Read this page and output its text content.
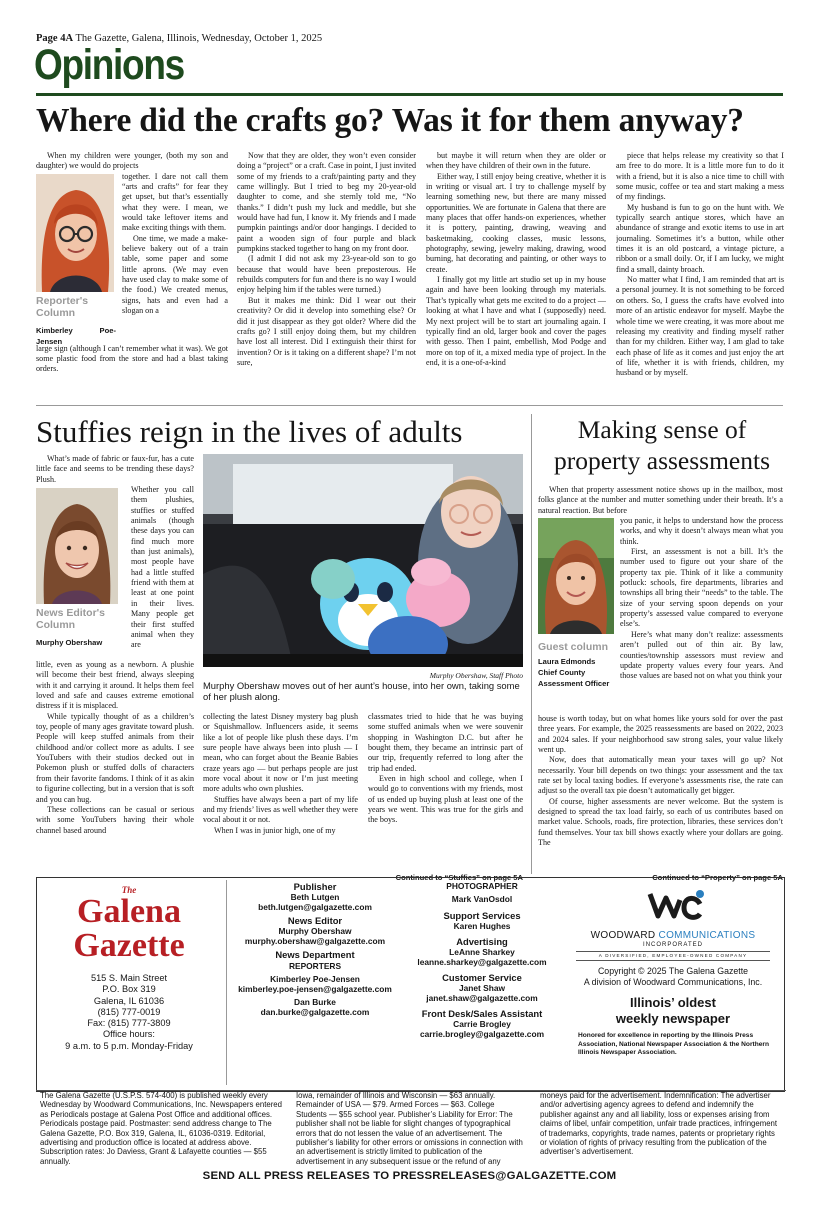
Page 4A The Gazette, Galena, Illinois, Wednesday, October 1, 2025
Opinions
Where did the crafts go? Was it for them anyway?

When my children were younger, (both my son and daughter) we would do projects

Reporter's
Column
Kimberley Poe-Jensen

together. I dare not call them “arts and crafts” for fear they get upset, but that’s essentially what they were. I mean, we would take leftover items and make exciting things with them.

One time, we made a make-believe bakery out of a train table, some paper and some little aprons. (We may even have used clay to make some of the food.) We created menus, signs, hats and even had a slogan on a

large sign (although I can’t remember what it was). We got some plastic food from the store and had a blast taking orders.

Now that they are older, they won’t even consider doing a “project” or a craft. Case in point, I just invited some of my friends to a craft/painting party and they came willingly. But I tried to beg my 20-year-old daughter to come, and she sternly told me, “No thanks.” I didn’t push my luck and meddle, but she would have had fun, I know it. My friends and I made pumpkin paintings and/or door hangings. I decided to paint a wooden sign of four purple and black pumpkins stacked together to hang on my front door.

(I admit I did not ask my 23-year-old son to go because that would have been preposterous. He rebuilds computers for fun and there is no way I would enjoy helping him if the tables were turned.)

But it makes me think: Did I wear out their creativity? Or did it develop into something else? Or did it just disappear as they got older? Where did the crafts go? I still enjoy doing them, but my children have lost all interest. Did I extinguish their thirst for invention? Or is it taking on a different shape? I’m not sure,

but maybe it will return when they are older or when they have children of their own in the future.

Either way, I still enjoy being creative, whether it is in writing or visual art. I try to challenge myself by learning something new, but there are many missed opportunities. We are fortunate in Galena that there are many places that offer hands-on experiences, whether it is pottery, painting, drawing, weaving and basketmaking, cooking classes, music lessons, photography, sewing, jewelry making, drawing, wood burning, hat decorating and painting, or other ways to create.

I finally got my little art studio set up in my house again and have been looking through my materials. That’s typically what gets me excited to do a project — looking at what I have and what I (supposedly) need. My next project will be to start art journaling again. I typically find an old, larger book and cover the pages with gesso. Then I paint, embellish, Mod Podge and more on top of it, a mixed media type of project. In the end, it is a one-of-a-kind

piece that helps release my creativity so that I am free to do more. It is a little more fun to do it with a friend, but it is also a nice time to chill with some music, coffee or tea and start making a mess of my findings.

My husband is fun to go on the hunt with. We typically search antique stores, which have an abundance of strange and exotic items to use in art journaling. Sometimes it’s a button, while other times it is an old postcard, a vintage picture, a ribbon or a small doily. Or, if I am lucky, we might find a small, dainty broach.

No matter what I find, I am reminded that art is a personal journey. It is not something to be forced on others. So, I guess the crafts have evolved into more of an artistic endeavor for myself. Maybe the whole time we were creating, it was more about me releasing my creativity and finding myself rather than for my children. Either way, I am glad to take each phase of life as it comes and just enjoy the art of life, whether it is with friends, children, my husband or by myself.

Stuffies reign in the lives of adults

What’s made of fabric or faux-fur, has a cute little face and seems to be trending these days? Plush.

News Editor's
Column
Murphy Obershaw

Whether you call them plushies, stuffies or stuffed animals (though these days you can find much more than just animals), most people have had a little stuffed friend with them at least at one point in their lives. Many people get their first stuffed animal when they are

little, even as young as a newborn. A plushie will become their best friend, always sleeping with it and carrying it around. It helps them feel loved and safe and causes extreme emotional distress if it is misplaced.

While typically thought of as a children’s toy, people of many ages gravitate toward plush. People will keep stuffed animals from their childhood and/or collect more as adults. I see YouTubers with their studios decked out in Pokemon plush or stuffed dolls of characters from their favorite fandoms. I think of it as akin to figurine collecting, but in a version that is soft and you can hug.

These collections can be casual or serious with some YouTubers having their whole channel based around

Murphy Obershaw, Staff Photo
Murphy Obershaw moves out of her aunt’s house, into her own, taking some of her plush along.

collecting the latest Disney mystery bag plush or Squishmallow. Influencers aside, it seems like a lot of people like plush these days. I’m sure people have always been into plush — I mean, who can forget about the Beanie Babies craze years ago — but perhaps people are just more vocal about it now or I’m just meeting more adults who own plushies.

Stuffies have always been a part of my life and my friends’ lives as well whether they were vocal about it or not.

When I was in junior high, one of my

classmates tried to hide that he was buying some stuffed animals when we were souvenir shopping in Washington D.C. but after he bought them, they became an intrinsic part of our trip, frequently referred to long after the trip had ended.

Even in high school and college, when I would go to conventions with my friends, most of us ended up buying plush at least one of the years we went. This was true for the girls and the boys.

Continued to “Stuffies” on page 5A
Making sense of
property assessments

When that property assessment notice shows up in the mailbox, most folks glance at the number and mutter something under their breath. It’s a natural reaction. But before

Guest column
Laura Edmonds
Chief County
Assessment Officer

you panic, it helps to understand how the process works, and why it doesn’t always mean what you think.

First, an assessment is not a bill. It’s the number used to figure out your share of the property tax pie. Think of it like a community potluck: schools, fire departments, libraries and townships all bring their “needs” to the table. The size of your serving spoon depends on your property’s assessed value compared to everyone else’s.

Here’s what many don’t realize: assessments aren’t pulled out of thin air. By law, counties/township assessors must review and update property values every four years. And those values are based not on what you think your

house is worth today, but on what homes like yours sold for over the past three years. For example, the 2025 reassessments are based on 2022, 2023 and 2024 sales. If your neighborhood saw strong sales, your value likely went up.

Now, does that automatically mean your taxes will go up? Not necessarily. Your bill depends on two things: your assessment and the tax rate set by local taxing bodies. If everyone’s assessments rise, the rate can adjust so the overall tax pie doesn’t automatically get bigger.

Of course, higher assessments are never welcome. But the system is designed to spread the tax load fairly, so each of us contributes based on market value. Schools, roads, fire protection, libraries, these services don’t fund themselves. Your tax bill shows exactly where your dollars are going. The

Continued to “Property” on page 5A
The
Galena
Gazette
515 S. Main Street
P.O. Box 319
Galena, IL 61036
(815) 777-0019
Fax: (815) 777-3809
Office hours:
9 a.m. to 5 p.m. Monday-Friday
Publisher
Beth Lutgen
beth.lutgen@galgazette.com
News Editor
Murphy Obershaw
murphy.obershaw@galgazette.com
News Department
REPORTERS
Kimberley Poe-Jensen
kimberley.poe-jensen@galgazette.com
Dan Burke
dan.burke@galgazette.com
PHOTOGRAPHER
Mark VanOsdol
Support Services
Karen Hughes
Advertising
LeAnne Sharkey
leanne.sharkey@galgazette.com
Customer Service
Janet Shaw
janet.shaw@galgazette.com
Front Desk/Sales Assistant
Carrie Brogley
carrie.brogley@galgazette.com
WOODWARD COMMUNICATIONS
INCORPORATED
A DIVERSIFIED, EMPLOYEE-OWNED COMPANY
Copyright © 2025 The Galena Gazette
A division of Woodward Communications, Inc.
Illinois’ oldest
weekly newspaper
Honored for excellence in reporting by the Illinois Press Association, National Newspaper Association & the Northern Illinois Newspaper Association.
The Galena Gazette (U.S.P.S. 574-400) is published weekly every Wednesday by Woodward Communications, Inc. Newspapers entered as Periodicals postage at Galena Post Office and additional offices. Periodicals postage paid. Postmaster: send address change to The Galena Gazette, P.O. Box 319, Galena, IL, 61036-0319. Editorial, advertising and production office is located at address above. Subscription rates: Jo Daviess, Grant & Lafayette counties — $55 annually.
Iowa, remainder of Illinois and Wisconsin — $63 annually. Remainder of USA — $79. Armed Forces — $63. College Students — $55 school year. Publisher’s Liability for Error: The publisher shall not be liable for slight changes of typographical errors that do not lessen the value of an advertisement. The publisher’s liability for other errors or omissions in connection with an advertisement is strictly limited to publication of the advertisement in any subsequent issue or the refund of any
moneys paid for the advertisement. Indemnification: The advertiser and/or advertising agency agrees to defend and indemnify the publisher against any and all liability, loss or expenses arising from claims of libel, unfair competition, unfair trade practices, infringement of trademarks, copyrights, trade names, patents or proprietary rights or violation of rights of privacy resulting from the publication of the advertiser’s advertisement.
SEND ALL PRESS RELEASES TO PRESSRELEASES@GALGAZETTE.COM
